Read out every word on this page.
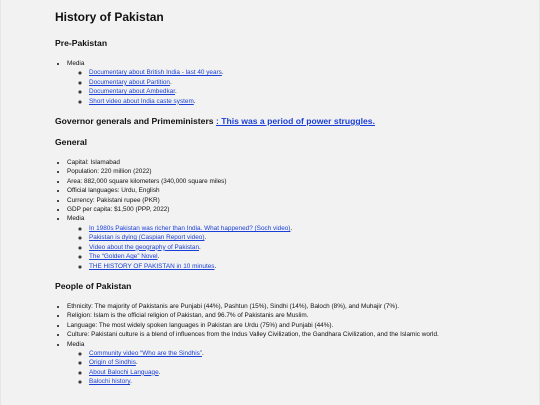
History of Pakistan
Pre-Pakistan
• Media
◦ Documentary about British India - last 40 years.
◦ Documentary about Partition.
◦ Documentary about Ambedkar.
◦ Short video about India caste system.
Governor generals and Primeministers : This was a period of power struggles.
General
• Capital: Islamabad
• Population: 220 million (2022)
• Area: 882,000 square kilometers (340,000 square miles)
• Official languages: Urdu, English
• Currency: Pakistani rupee (PKR)
• GDP per capita: $1,500 (PPP, 2022)
• Media
◦ In 1980s Pakistan was richer than India. What happened? (Soch video).
◦ Pakistan is dying (Caspian Report video).
◦ Video about the geography of Pakistan.
◦ The “Golden Age” Novel.
◦ THE HISTORY OF PAKISTAN in 10 minutes.
People of Pakistan
• Ethnicity: The majority of Pakistanis are Punjabi (44%), Pashtun (15%), Sindhi (14%), Baloch (8%), and Muhajir (7%).
• Religion: Islam is the official religion of Pakistan, and 96.7% of Pakistanis are Muslim.
• Language: The most widely spoken languages in Pakistan are Urdu (75%) and Punjabi (44%).
• Culture: Pakistani culture is a blend of influences from the Indus Valley Civilization, the Gandhara Civilization, and the Islamic world.
• Media
◦ Community video “Who are the Sindhis”.
◦ Origin of Sindhis.
◦ About Balochi Language.
◦ Balochi history.
